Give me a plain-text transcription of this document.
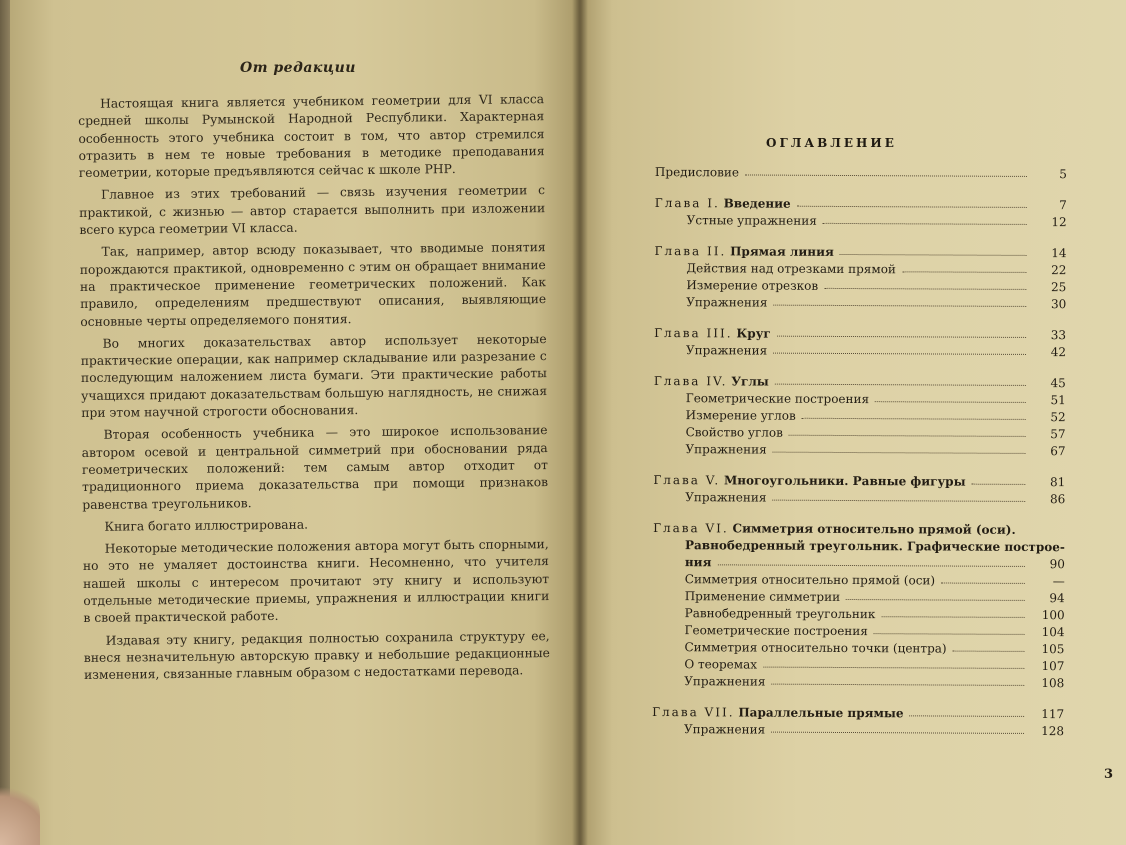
От редакции

Настоящая книга является учебником геометрии для VI класса средней школы Румынской Народной Республики. Характерная особенность этого учебника состоит в том, что автор стремился отразить в нем те новые требования в методике преподавания геометрии, которые предъявляются сейчас к школе РНР.

Главное из этих требований — связь изучения геометрии с практикой, с жизнью — автор старается выполнить при изложении всего курса геометрии VI класса.

Так, например, автор всюду показывает, что вводимые понятия порождаются практикой, одновременно с этим он обращает внимание на практическое применение геометрических положений. Как правило, определениям предшествуют описания, выявляющие основные черты определяемого понятия.

Во многих доказательствах автор использует некоторые практические операции, как например складывание или разрезание с последующим наложением листа бумаги. Эти практические работы учащихся придают доказательствам большую наглядность, не снижая при этом научной строгости обоснования.

Вторая особенность учебника — это широкое использование автором осевой и центральной симметрий при обосновании ряда геометрических положений: тем самым автор отходит от традиционного приема доказательства при помощи признаков равенства треугольников.

Книга богато иллюстрирована.

Некоторые методические положения автора могут быть спорными, но это не умаляет достоинства книги. Несомненно, что учителя нашей школы с интересом прочитают эту книгу и используют отдельные методические приемы, упражнения и иллюстрации книги в своей практической работе.

Издавая эту книгу, редакция полностью сохранила структуру ее, внеся незначительную авторскую правку и небольшие редакционные изменения, связанные главным образом с недостатками перевода.

ОГЛАВЛЕНИЕ
Предисловие	5
Глава I. Введение	7
Устные упражнения	12
Глава II. Прямая линия	14
Действия над отрезками прямой	22
Измерение отрезков	25
Упражнения	30
Глава III. Круг	33
Упражнения	42
Глава IV. Углы	45
Геометрические построения	51
Измерение углов	52
Свойство углов	57
Упражнения	67
Глава V. Многоугольники. Равные фигуры	81
Упражнения	86
Глава VI. Симметрия относительно прямой (оси).
Равнобедренный треугольник. Графические построе-
ния	90
Симметрия относительно прямой (оси)	—
Применение симметрии	94
Равнобедренный треугольник	100
Геометрические построения	104
Симметрия относительно точки (центра)	105
О теоремах	107
Упражнения	108
Глава VII. Параллельные прямые	117
Упражнения	128
3
